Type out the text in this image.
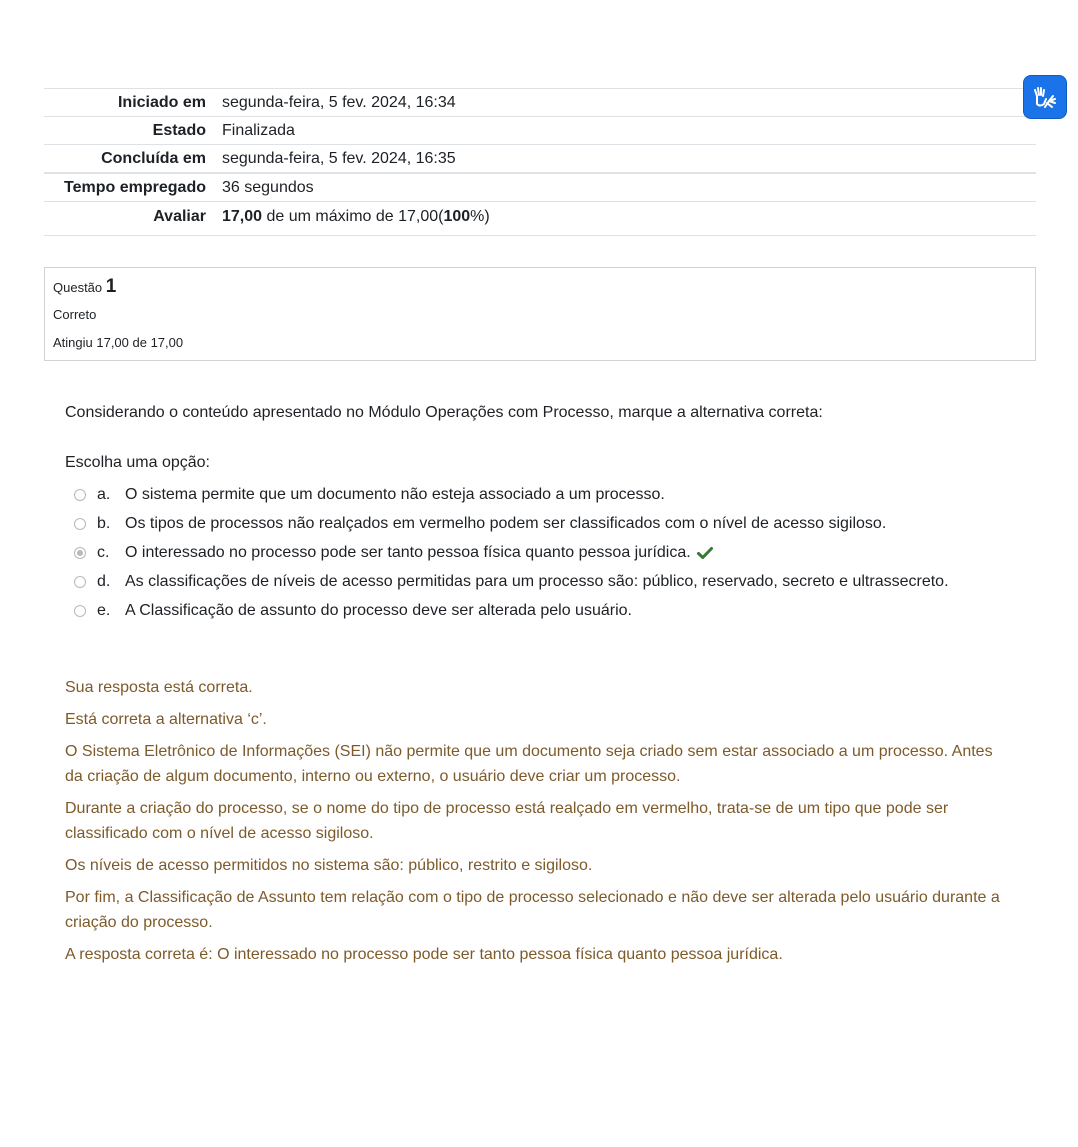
Iniciado em	segunda-feira, 5 fev. 2024, 16:34
Estado	Finalizada
Concluída em	segunda-feira, 5 fev. 2024, 16:35
Tempo empregado	36 segundos
Avaliar	17,00 de um máximo de 17,00(100%)
Questão 1
Correto
Atingiu 17,00 de 17,00
Considerando o conteúdo apresentado no Módulo Operações com Processo, marque a alternativa correta:
Escolha uma opção:
a. O sistema permite que um documento não esteja associado a um processo.
b. Os tipos de processos não realçados em vermelho podem ser classificados com o nível de acesso sigiloso.
c. O interessado no processo pode ser tanto pessoa física quanto pessoa jurídica.
d. As classificações de níveis de acesso permitidas para um processo são: público, reservado, secreto e ultrassecreto.
e. A Classificação de assunto do processo deve ser alterada pelo usuário.

Sua resposta está correta.

Está correta a alternativa ‘c’.

O Sistema Eletrônico de Informações (SEI) não permite que um documento seja criado sem estar associado a um processo. Antes da criação de algum documento, interno ou externo, o usuário deve criar um processo.

Durante a criação do processo, se o nome do tipo de processo está realçado em vermelho, trata-se de um tipo que pode ser classificado com o nível de acesso sigiloso.

Os níveis de acesso permitidos no sistema são: público, restrito e sigiloso.

Por fim, a Classificação de Assunto tem relação com o tipo de processo selecionado e não deve ser alterada pelo usuário durante a criação do processo.

A resposta correta é: O interessado no processo pode ser tanto pessoa física quanto pessoa jurídica.
